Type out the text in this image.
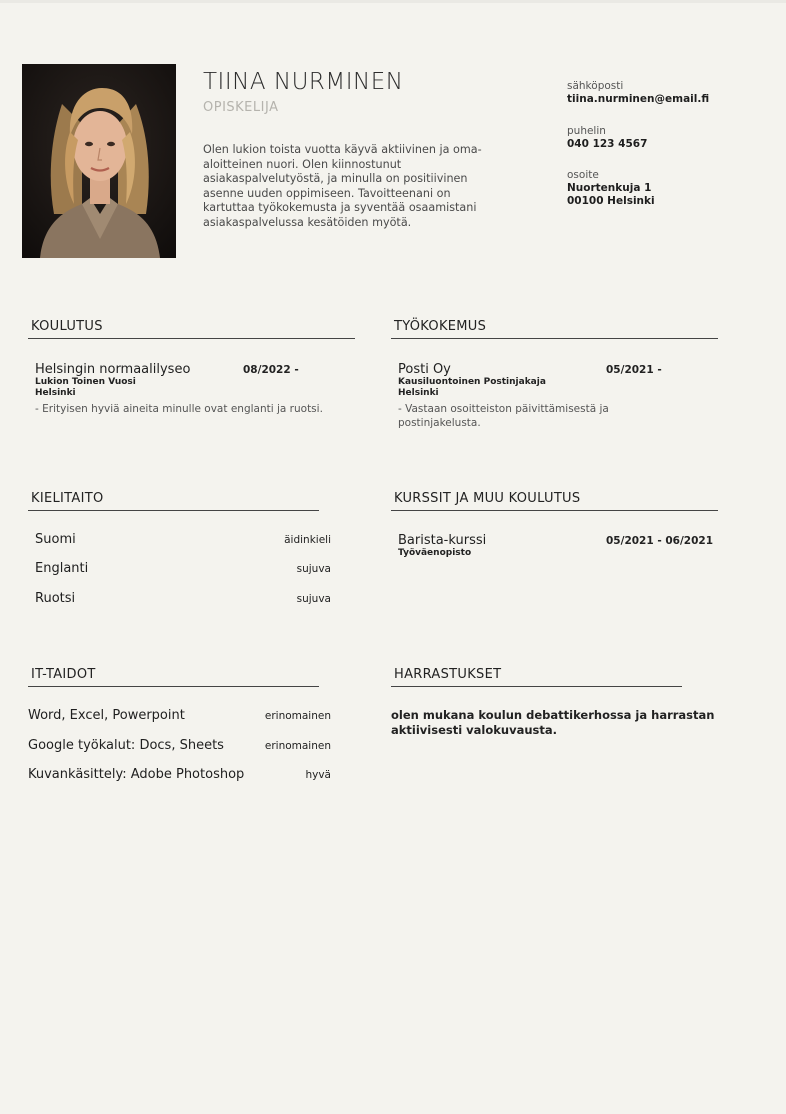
TIINA NURMINEN
OPISKELIJA
Olen lukion toista vuotta käyvä aktiivinen ja oma-aloitteinen nuori. Olen kiinnostunut asiakaspalvelutyöstä, ja minulla on positiivinen asenne uuden oppimiseen. Tavoitteenani on kartuttaa työkokemusta ja syventää osaamistani asiakaspalvelussa kesätöiden myötä.
sähköposti
tiina.nurminen@email.fi
puhelin
040 123 4567
osoite
Nuortenkuja 1
00100 Helsinki
KOULUTUS
Helsingin normaalilyseo	08/2022 -
Lukion Toinen Vuosi
Helsinki
- Erityisen hyviä aineita minulle ovat englanti ja ruotsi.
TYÖKOKEMUS
Posti Oy	05/2021 -
Kausiluontoinen Postinjakaja
Helsinki
- Vastaan osoitteiston päivittämisestä ja
postinjakelusta.
KIELITAITO
Suomi	äidinkieli
Englanti	sujuva
Ruotsi	sujuva
KURSSIT JA MUU KOULUTUS
Barista-kurssi	05/2021 - 06/2021
Työväenopisto
IT-TAIDOT
Word, Excel, Powerpoint	erinomainen
Google työkalut: Docs, Sheets	erinomainen
Kuvankäsittely: Adobe Photoshop	hyvä
HARRASTUKSET
olen mukana koulun debattikerhossa ja harrastan
aktiivisesti valokuvausta.
